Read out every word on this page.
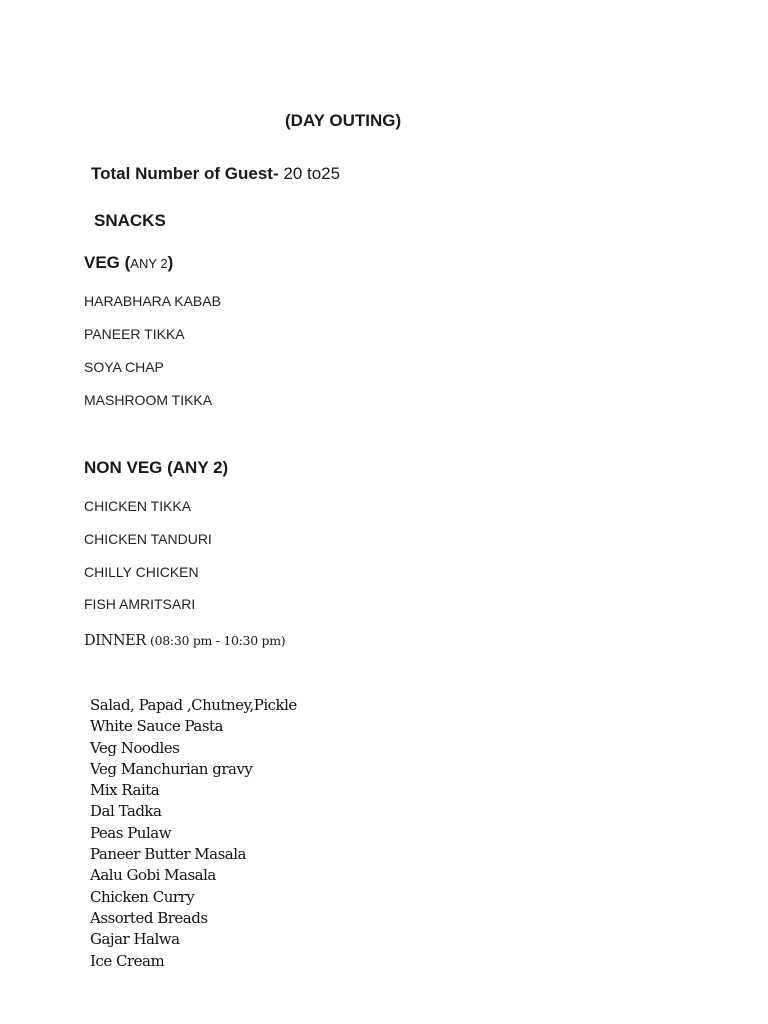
(DAY OUTING)
Total Number of Guest- 20 to25
SNACKS
VEG (ANY 2)
HARABHARA KABAB
PANEER TIKKA
SOYA CHAP
MASHROOM TIKKA
NON VEG (ANY 2)
CHICKEN TIKKA
CHICKEN TANDURI
CHILLY CHICKEN
FISH AMRITSARI
DINNER (08:30 pm - 10:30 pm)
Salad, Papad ,Chutney,Pickle
White Sauce Pasta
Veg Noodles
Veg Manchurian gravy
Mix Raita
Dal Tadka
Peas Pulaw
Paneer Butter Masala
Aalu Gobi Masala
Chicken Curry
Assorted Breads
Gajar Halwa
Ice Cream
